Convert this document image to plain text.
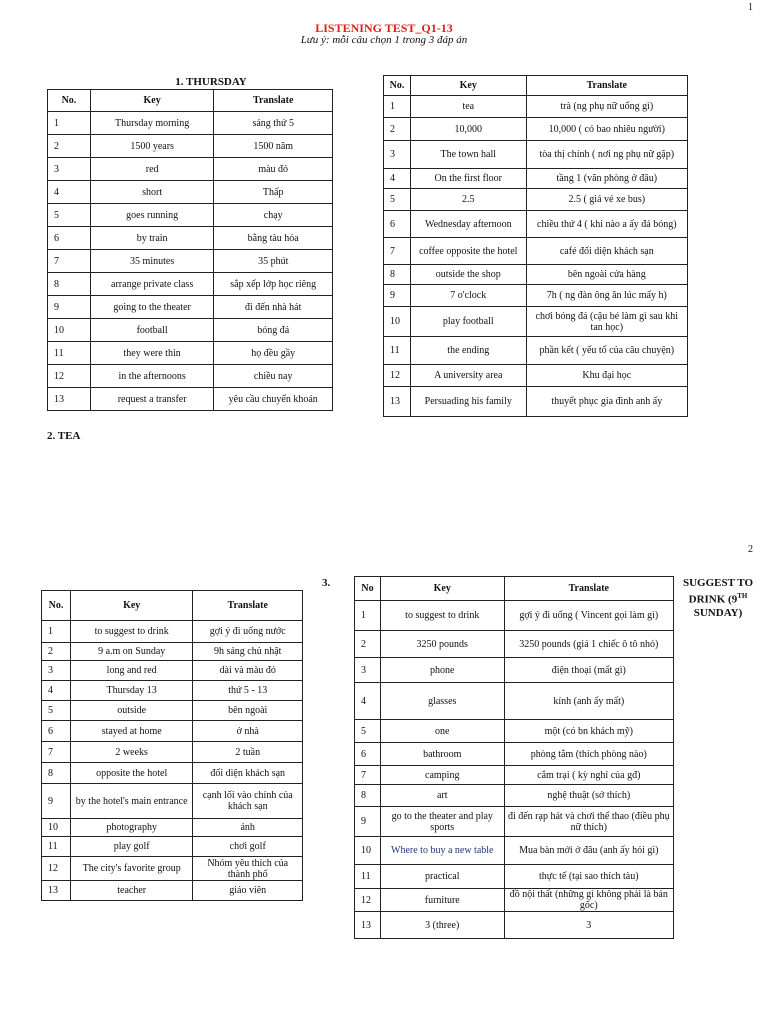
1
LISTENING TEST_Q1-13
Lưu ý: mỗi câu chọn 1 trong 3 đáp án
1. THURSDAY
No.	Key	Translate
1	Thursday morning	sáng thứ 5
2	1500 years	1500 năm
3	red	màu đỏ
4	short	Thấp
5	goes running	chạy
6	by train	bằng tàu hỏa
7	35 minutes	35 phút
8	arrange private class	sắp xếp lớp học riêng
9	going to the theater	đi đến nhà hát
10	football	bóng đá
11	they were thin	họ đều gầy
12	in the afternoons	chiều nay
13	request a transfer	yêu cầu chuyển khoản
No.	Key	Translate
1	tea	trà (ng phụ nữ uống gì)
2	10,000	10,000 ( có bao nhiêu người)
3	The town hall	tòa thị chính ( nơi ng phụ nữ gặp)
4	On the first floor	tầng 1 (văn phòng ở đâu)
5	2.5	2.5 ( giá vé xe bus)
6	Wednesday afternoon	chiều thứ 4 ( khi nào a ấy đá bóng)
7	coffee opposite the hotel	café đối diện khách sạn
8	outside the shop	bên ngoài cửa hàng
9	7 o'clock	7h ( ng đàn ông ăn lúc mấy h)
10	play football	chơi bóng đá (cậu bé làm gì sau khi tan học)
11	the ending	phần kết ( yếu tố của câu chuyện)
12	A university area	Khu đại học
13	Persuading his family	thuyết phục gia đình anh ấy
2. TEA
2
3.	SUGGEST TO
DRINK (9TH
SUNDAY)
No.	Key	Translate
1	to suggest to drink	gợi ý đi uống nước
2	9 a.m on Sunday	9h sáng chủ nhật
3	long and red	dài và màu đỏ
4	Thursday 13	thứ 5 - 13
5	outside	bên ngoài
6	stayed at home	ở nhà
7	2 weeks	2 tuần
8	opposite the hotel	đối diện khách sạn
9	by the hotel's main entrance	cạnh lối vào chính của khách sạn
10	photography	ảnh
11	play golf	chơi golf
12	The city's favorite group	Nhóm yêu thích của thành phố
13	teacher	giáo viên
No	Key	Translate
1	to suggest to drink	gợi ý đi uống ( Vincent gọi làm gì)
2	3250 pounds	3250 pounds (giá 1 chiếc ô tô nhỏ)
3	phone	điện thoại (mất gì)
4	glasses	kính (anh ấy mất)
5	one	một (có bn khách mỹ)
6	bathroom	phòng tắm (thích phòng nào)
7	camping	cắm trại ( kỳ nghỉ của gđ)
8	art	nghệ thuật (sở thích)
9	go to the theater and play sports	đi đến rạp hát và chơi thể thao (điều phụ nữ thích)
10	Where to buy a new table	Mua bàn mới ở đâu (anh ấy hỏi gì)
11	practical	thực tế (tại sao thích tàu)
12	furniture	đồ nội thất (những gì không phải là bản gốc)
13	3 (three)	3
